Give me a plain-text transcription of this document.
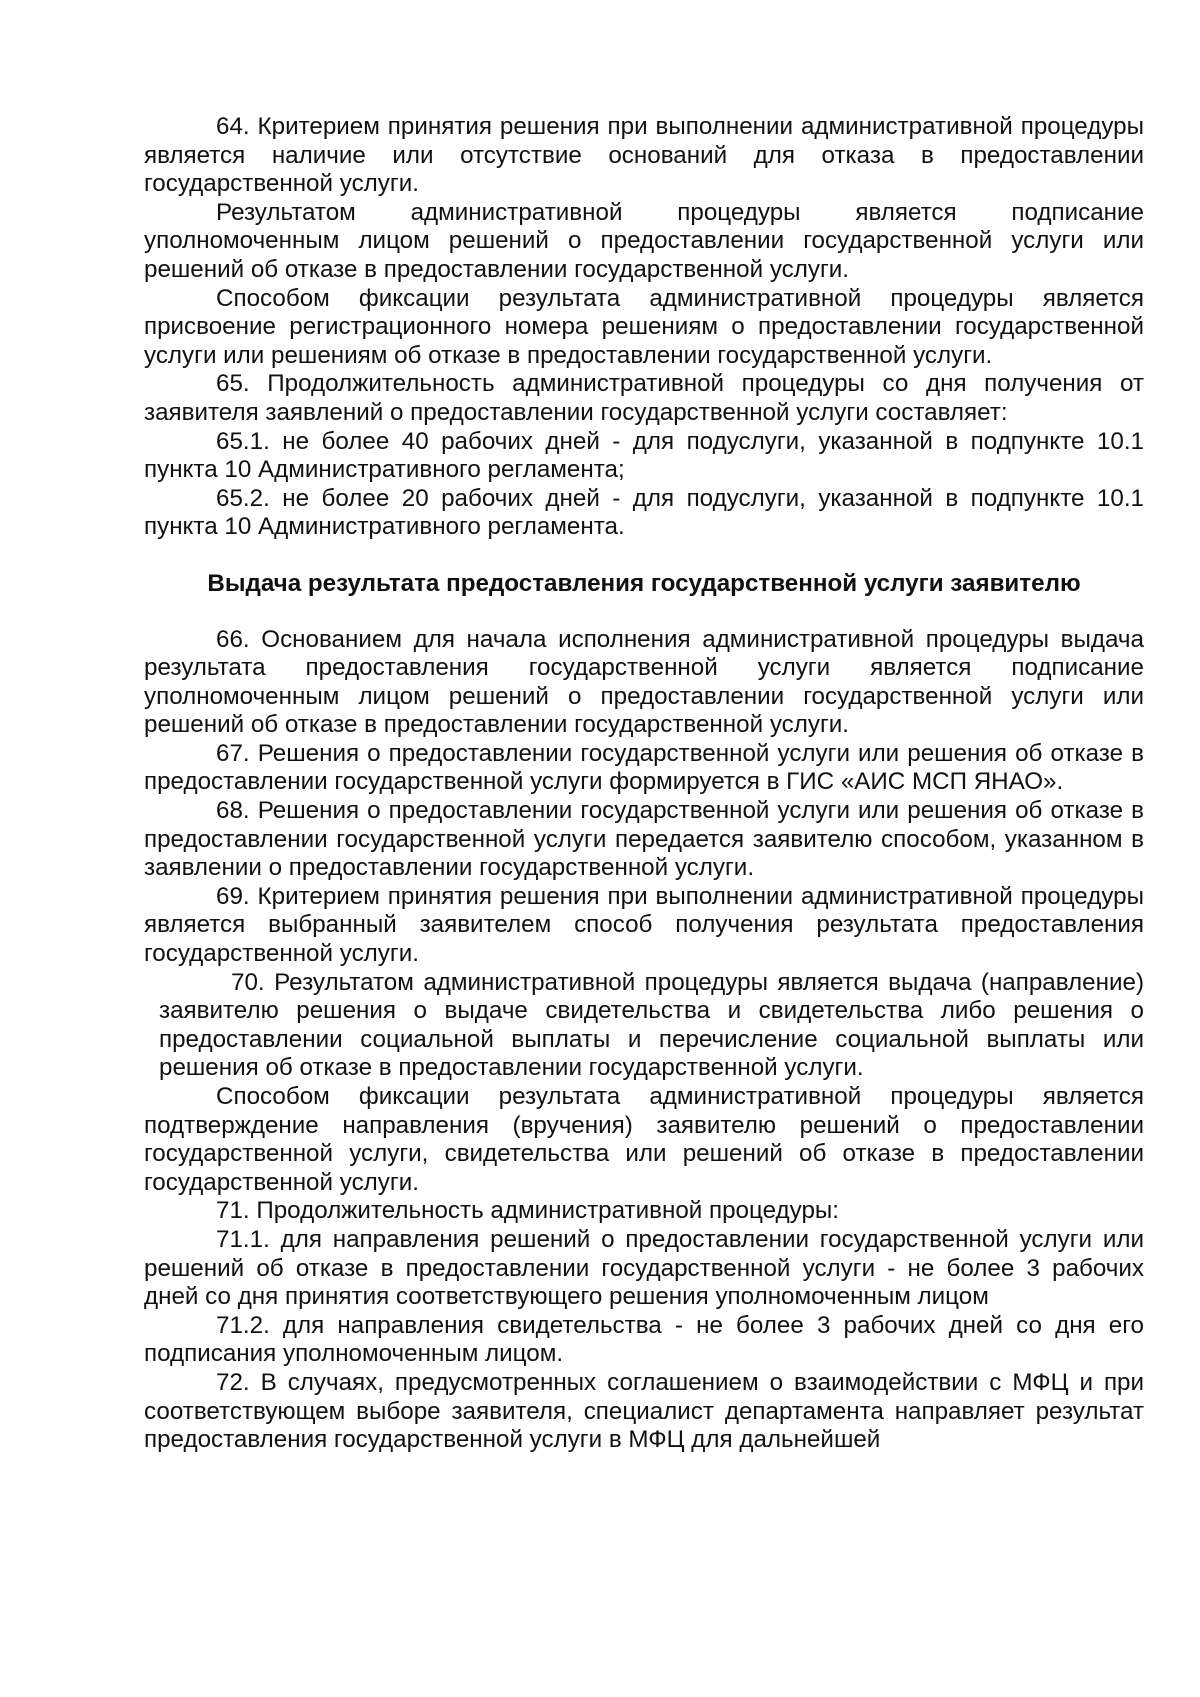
64. Критерием принятия решения при выполнении административной процедуры является наличие или отсутствие оснований для отказа в предоставлении государственной услуги.

Результатом административной процедуры является подписание уполномоченным лицом решений о предоставлении государственной услуги или решений об отказе в предоставлении государственной услуги.

Способом фиксации результата административной процедуры является присвоение регистрационного номера решениям о предоставлении государственной услуги или решениям об отказе в предоставлении государственной услуги.

65. Продолжительность административной процедуры со дня получения от заявителя заявлений о предоставлении государственной услуги составляет:

65.1. не более 40 рабочих дней - для подуслуги, указанной в подпункте 10.1 пункта 10 Административного регламента;

65.2. не более 20 рабочих дней - для подуслуги, указанной в подпункте 10.1 пункта 10 Административного регламента.

Выдача результата предоставления государственной услуги заявителю

66. Основанием для начала исполнения административной процедуры выдача результата предоставления государственной услуги является подписание уполномоченным лицом решений о предоставлении государственной услуги или решений об отказе в предоставлении государственной услуги.

67. Решения о предоставлении государственной услуги или решения об отказе в предоставлении государственной услуги формируется в ГИС «АИС МСП ЯНАО».

68. Решения о предоставлении государственной услуги или решения об отказе в предоставлении государственной услуги передается заявителю способом, указанном в заявлении о предоставлении государственной услуги.

69. Критерием принятия решения при выполнении административной процедуры является выбранный заявителем способ получения результата предоставления государственной услуги.

70. Результатом административной процедуры является выдача (направление) заявителю решения о выдаче свидетельства и свидетельства либо решения о предоставлении социальной выплаты и перечисление социальной выплаты или решения об отказе в предоставлении государственной услуги.

Способом фиксации результата административной процедуры является подтверждение направления (вручения) заявителю решений о предоставлении государственной услуги, свидетельства или решений об отказе в предоставлении государственной услуги.

71. Продолжительность административной процедуры:

71.1. для направления решений о предоставлении государственной услуги или решений об отказе в предоставлении государственной услуги - не более 3 рабочих дней со дня принятия соответствующего решения уполномоченным лицом

71.2. для направления свидетельства - не более 3 рабочих дней со дня его подписания уполномоченным лицом.

72. В случаях, предусмотренных соглашением о взаимодействии с МФЦ и при соответствующем выборе заявителя, специалист департамента направляет результат предоставления государственной услуги в МФЦ для дальнейшей
